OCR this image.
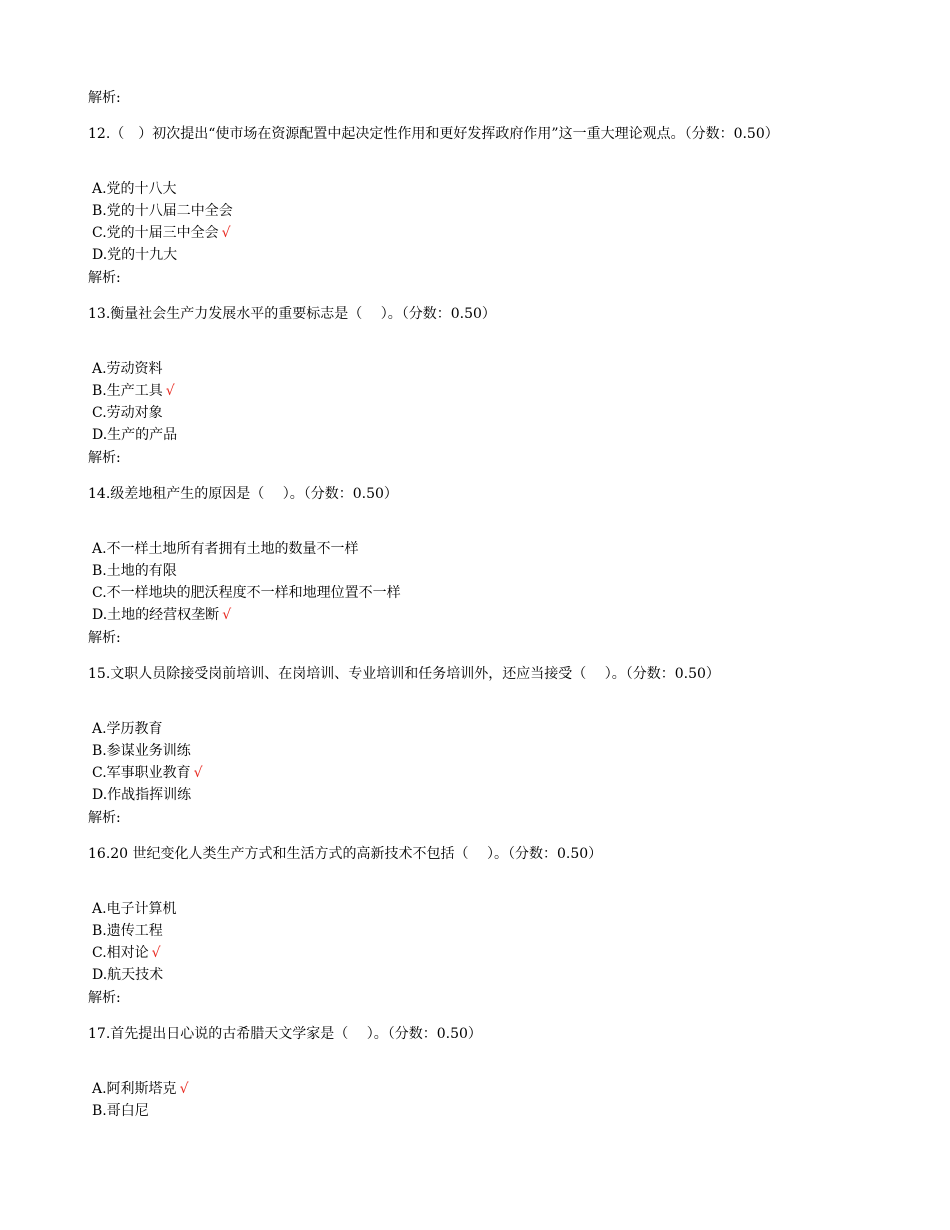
解析:
12.（　）初次提出“使市场在资源配置中起决定性作用和更好发挥政府作用”这一重大理论观点。（分数：0.50）
A.党的十八大
B.党的十八届二中全会
C.党的十届三中全会 √
D.党的十九大
解析:
13.衡量社会生产力发展水平的重要标志是（　 ）。（分数：0.50）
A.劳动资料
B.生产工具 √
C.劳动对象
D.生产的产品
解析:
14.级差地租产生的原因是（　 ）。（分数：0.50）
A.不一样土地所有者拥有土地的数量不一样
B.土地的有限
C.不一样地块的肥沃程度不一样和地理位置不一样
D.土地的经营权垄断 √
解析:
15.文职人员除接受岗前培训、在岗培训、专业培训和任务培训外，还应当接受（　 ）。（分数：0.50）
A.学历教育
B.参谋业务训练
C.军事职业教育 √
D.作战指挥训练
解析:
16.20 世纪变化人类生产方式和生活方式的高新技术不包括（　 ）。（分数：0.50）
A.电子计算机
B.遗传工程
C.相对论 √
D.航天技术
解析:
17.首先提出日心说的古希腊天文学家是（　 ）。（分数：0.50）
A.阿利斯塔克 √
B.哥白尼
